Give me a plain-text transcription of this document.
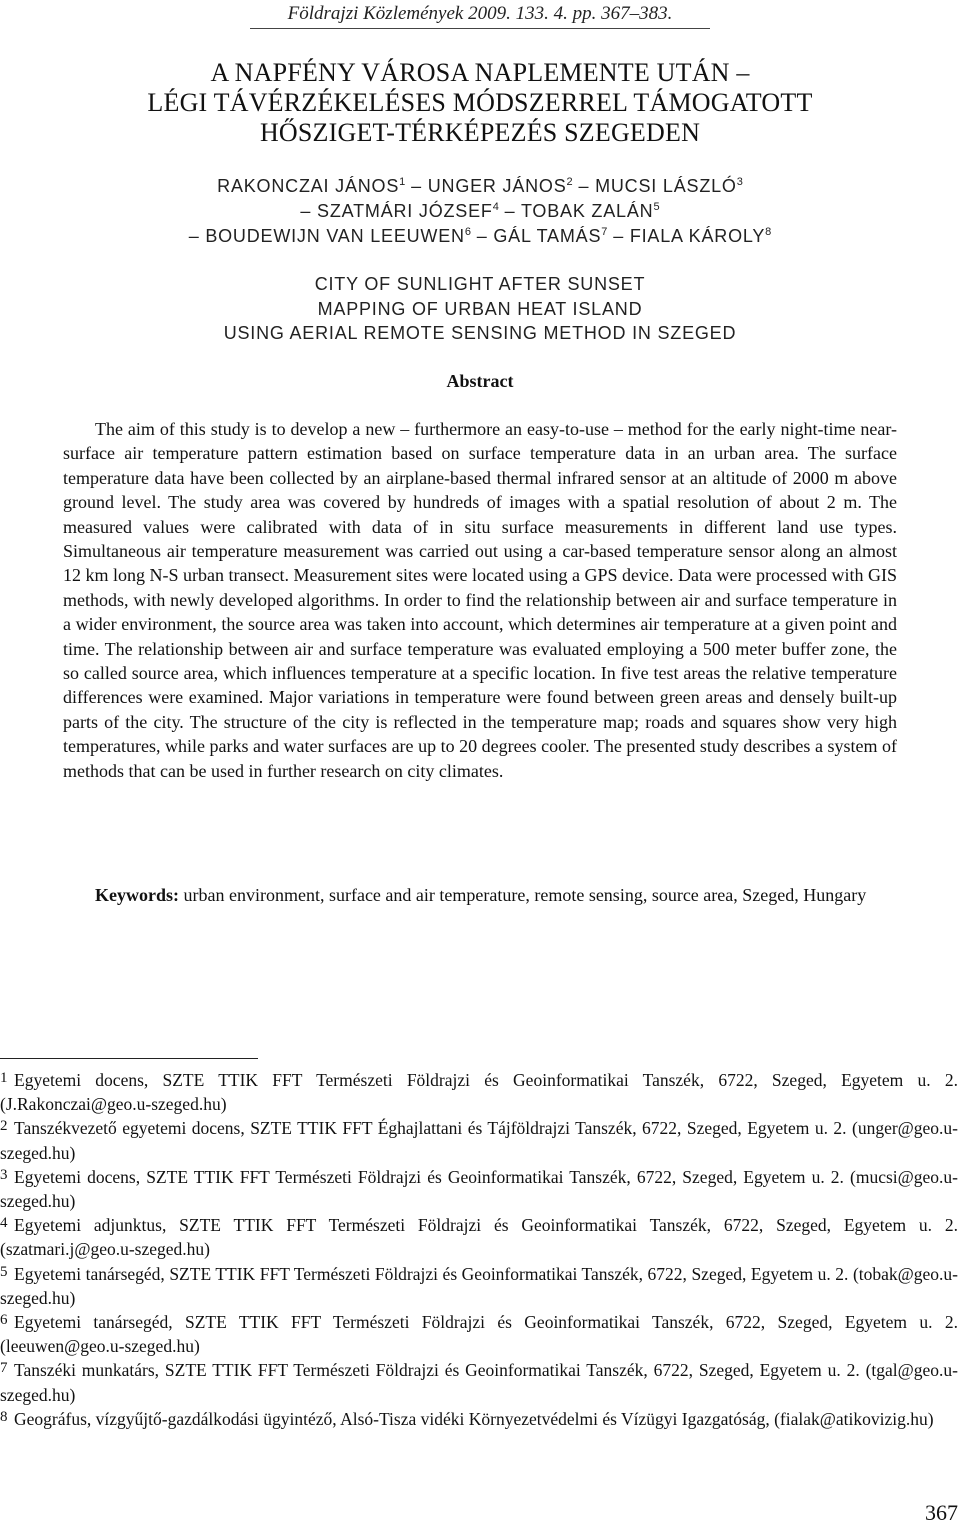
Földrajzi Közlemények 2009. 133. 4. pp. 367–383.
A NAPFÉNY VÁROSA NAPLEMENTE UTÁN –
LÉGI TÁVÉRZÉKELÉSES MÓDSZERREL TÁMOGATOTT
HŐSZIGET-TÉRKÉPEZÉS SZEGEDEN
RAKONCZAI JÁNOS$^1$ – UNGER JÁNOS$^2$ – MUCSI LÁSZLÓ$^3$
– SZATMÁRI JÓZSEF$^4$ – TOBAK ZALÁN$^5$
– BOUDEWIJN VAN LEEUWEN$^6$ – GÁL TAMÁS$^7$ – FIALA KÁROLY$^8$
CITY OF SUNLIGHT AFTER SUNSET
MAPPING OF URBAN HEAT ISLAND
USING AERIAL REMOTE SENSING METHOD IN SZEGED
Abstract

The aim of this study is to develop a new – furthermore an easy-to-use – method for the early night-time near-surface air temperature pattern estimation based on surface temperature data in an urban area. The surface temperature data have been collected by an airplane-based thermal infrared sensor at an altitude of 2000 m above ground level. The study area was covered by hundreds of images with a spatial resolution of about 2 m. The measured values were calibrated with data of in situ surface measurements in different land use types. Simultaneous air temperature measurement was carried out using a car-based temperature sensor along an almost 12 km long N-S urban transect. Measurement sites were located using a GPS device. Data were processed with GIS methods, with newly developed algorithms. In order to find the relationship between air and surface temperature in a wider environment, the source area was taken into account, which determines air temperature at a given point and time. The relationship between air and surface temperature was evaluated employing a 500 meter buffer zone, the so called source area, which influences temperature at a specific location. In five test areas the relative temperature differences were examined. Major variations in temperature were found between green areas and densely built-up parts of the city. The structure of the city is reflected in the temperature map; roads and squares show very high temperatures, while parks and water surfaces are up to 20 degrees cooler. The presented study describes a system of methods that can be used in further research on city climates.

Keywords: urban environment, surface and air temperature, remote sensing, source area, Szeged, Hungary

1 Egyetemi docens, SZTE TTIK FFT Természeti Földrajzi és Geoinformatikai Tanszék, 6722, Szeged, Egyetem u. 2. (J.Rakonczai@geo.u-szeged.hu)
2 Tanszékvezető egyetemi docens, SZTE TTIK FFT Éghajlattani és Tájföldrajzi Tanszék, 6722, Szeged, Egyetem u. 2. (unger@geo.u-szeged.hu)
3 Egyetemi docens, SZTE TTIK FFT Természeti Földrajzi és Geoinformatikai Tanszék, 6722, Szeged, Egyetem u. 2. (mucsi@geo.u-szeged.hu)
4 Egyetemi adjunktus, SZTE TTIK FFT Természeti Földrajzi és Geoinformatikai Tanszék, 6722, Szeged, Egyetem u. 2. (szatmari.j@geo.u-szeged.hu)
5 Egyetemi tanársegéd, SZTE TTIK FFT Természeti Földrajzi és Geoinformatikai Tanszék, 6722, Szeged, Egyetem u. 2. (tobak@geo.u-szeged.hu)
6 Egyetemi tanársegéd, SZTE TTIK FFT Természeti Földrajzi és Geoinformatikai Tanszék, 6722, Szeged, Egyetem u. 2. (leeuwen@geo.u-szeged.hu)
7 Tanszéki munkatárs, SZTE TTIK FFT Természeti Földrajzi és Geoinformatikai Tanszék, 6722, Szeged, Egyetem u. 2. (tgal@geo.u-szeged.hu)
8 Geográfus, vízgyűjtő-gazdálkodási ügyintéző, Alsó-Tisza vidéki Környezetvédelmi és Vízügyi Igazgatóság, (fialak@atikovizig.hu)
367
